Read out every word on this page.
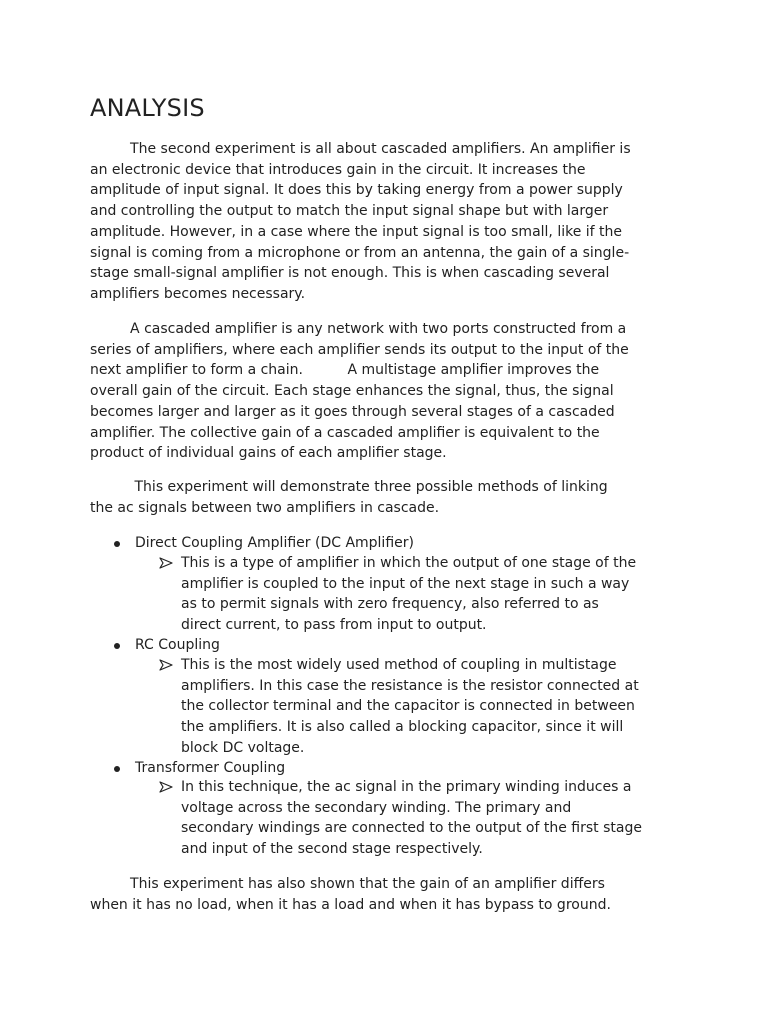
ANALYSIS
The second experiment is all about cascaded amplifiers. An amplifier is
an electronic device that introduces gain in the circuit. It increases the
amplitude of input signal. It does this by taking energy from a power supply
and controlling the output to match the input signal shape but with larger
amplitude. However, in a case where the input signal is too small, like if the
signal is coming from a microphone or from an antenna, the gain of a single-
stage small-signal amplifier is not enough. This is when cascading several
amplifiers becomes necessary.
A cascaded amplifier is any network with two ports constructed from a
series of amplifiers, where each amplifier sends its output to the input of the
next amplifier to form a chain.          A multistage amplifier improves the
overall gain of the circuit. Each stage enhances the signal, thus, the signal
becomes larger and larger as it goes through several stages of a cascaded
amplifier. The collective gain of a cascaded amplifier is equivalent to the
product of individual gains of each amplifier stage.
This experiment will demonstrate three possible methods of linking
the ac signals between two amplifiers in cascade.
Direct Coupling Amplifier (DC Amplifier)
This is a type of amplifier in which the output of one stage of the
amplifier is coupled to the input of the next stage in such a way
as to permit signals with zero frequency, also referred to as
direct current, to pass from input to output.
RC Coupling
This is the most widely used method of coupling in multistage
amplifiers. In this case the resistance is the resistor connected at
the collector terminal and the capacitor is connected in between
the amplifiers. It is also called a blocking capacitor, since it will
block DC voltage.
Transformer Coupling
In this technique, the ac signal in the primary winding induces a
voltage across the secondary winding. The primary and
secondary windings are connected to the output of the first stage
and input of the second stage respectively.
This experiment has also shown that the gain of an amplifier differs
when it has no load, when it has a load and when it has bypass to ground.
